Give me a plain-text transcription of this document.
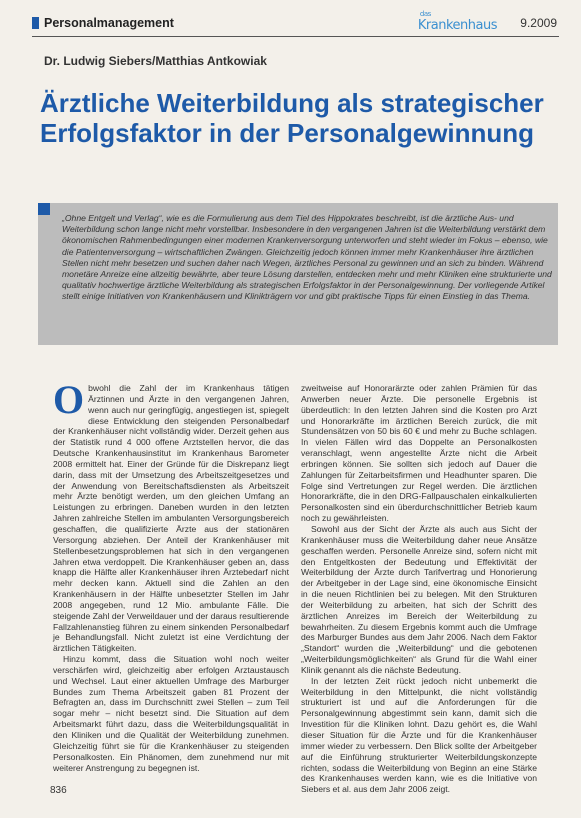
Personalmanagement
das
Krankenhaus 9.2009
Dr. Ludwig Siebers/Matthias Antkowiak
Ärztliche Weiterbildung als strategischer Erfolgsfaktor in der Personalgewinnung

„Ohne Entgelt und Verlag“, wie es die Formulierung aus dem Tiel des Hippokrates beschreibt, ist die ärztliche Aus- und Weiterbildung schon lange nicht mehr vorstellbar. Insbesondere in den vergangenen Jahren ist die Weiterbildung verstärkt dem ökonomischen Rahmenbedingungen einer modernen Krankenversorgung unterworfen und steht wieder im Fokus – ebenso, wie die Patientenversorgung – wirtschaftlichen Zwängen. Gleichzeitig jedoch können immer mehr Krankenhäuser ihre ärztlichen Stellen nicht mehr besetzen und suchen daher nach Wegen, ärztliches Personal zu gewinnen und an sich zu binden. Während monetäre Anreize eine allzeitig bewährte, aber teure Lösung darstellen, entdecken mehr und mehr Kliniken eine strukturierte und qualitativ hochwertige ärztliche Weiterbildung als strategischen Erfolgsfaktor in der Personalgewinnung. Der vorliegende Artikel stellt einige Initiativen von Krankenhäusern und Klinikträgern vor und gibt praktische Tipps für einen Einstieg in das Thema.

Obwohl die Zahl der im Krankenhaus tätigen Ärztinnen und Ärzte in den vergangenen Jahren, wenn auch nur geringfügig, angestiegen ist, spiegelt diese Entwicklung den steigenden Personalbedarf der Krankenhäuser nicht vollständig wider. Derzeit gehen aus der Statistik rund 4 000 offene Arztstellen hervor, die das Deutsche Krankenhausinstitut im Krankenhaus Barometer 2008 ermittelt hat. Einer der Gründe für die Diskrepanz liegt darin, dass mit der Umsetzung des Arbeitszeitgesetzes und der Anwendung von Bereitschaftsdiensten als Arbeitszeit mehr Ärzte benötigt werden, um den gleichen Umfang an Leistungen zu erbringen. Daneben wurden in den letzten Jahren zahlreiche Stellen im ambulanten Versorgungsbereich geschaffen, die qualifizierte Ärzte aus der stationären Versorgung abziehen. Der Anteil der Krankenhäuser mit Stellenbesetzungsproblemen hat sich in den vergangenen Jahren etwa verdoppelt. Die Krankenhäuser geben an, dass knapp die Hälfte aller Krankenhäuser ihren Ärztebedarf nicht mehr decken kann. Aktuell sind die Zahlen an den Krankenhäusern in der Hälfte unbesetzter Stellen im Jahr 2008 angegeben, rund 12 Mio. ambulante Fälle. Die steigende Zahl der Verweildauer und der daraus resultierende Fallzahlenanstieg führen zu einem sinkenden Personalbedarf je Behandlungsfall. Nicht zuletzt ist eine Verdichtung der ärztlichen Tätigkeiten.

Hinzu kommt, dass die Situation wohl noch weiter verschärfen wird, gleichzeitig aber erfolgen Arztaustausch und Wechsel. Laut einer aktuellen Umfrage des Marburger Bundes zum Thema Arbeitszeit gaben 81 Prozent der Befragten an, dass im Durchschnitt zwei Stellen – zum Teil sogar mehr – nicht besetzt sind. Die Situation auf dem Arbeitsmarkt führt dazu, dass die Weiterbildungsqualität in den Kliniken und die Qualität der Weiterbildung zunehmen. Gleichzeitig führt sie für die Krankenhäuser zu steigenden Personalkosten. Ein Phänomen, dem zunehmend nur mit weiterer Anstrengung zu begegnen ist.

zweitweise auf Honorarärzte oder zahlen Prämien für das Anwerben neuer Ärzte. Die personelle Ergebnis ist überdeutlich: In den letzten Jahren sind die Kosten pro Arzt und Honorarkräfte im ärztlichen Bereich zurück, die mit Stundensätzen von 50 bis 60 € und mehr zu Buche schlagen. In vielen Fällen wird das Doppelte an Personalkosten veranschlagt, wenn angestellte Ärzte nicht die Arbeit erbringen können. Sie sollten sich jedoch auf Dauer die Zahlungen für Zeitarbeitsfirmen und Headhunter sparen. Die Folge sind Vertretungen zur Regel werden. Die ärztlichen Honorarkräfte, die in den DRG-Fallpauschalen einkalkulierten Personalkosten sind ein überdurchschnittlicher Betrieb kaum noch zu gewährleisten.

Sowohl aus der Sicht der Ärzte als auch aus Sicht der Krankenhäuser muss die Weiterbildung daher neue Ansätze geschaffen werden. Personelle Anreize sind, sofern nicht mit den Entgeltkosten der Bedeutung und Effektivität der Weiterbildung der Ärzte durch Tarifvertrag und Honorierung der Arbeitgeber in der Lage sind, eine ökonomische Einsicht in die neuen Richtlinien bei zu belegen. Mit den Strukturen der Weiterbildung zu arbeiten, hat sich der Schritt des ärztlichen Anreizes im Bereich der Weiterbildung zu bewahrheiten. Zu diesem Ergebnis kommt auch die Umfrage des Marburger Bundes aus dem Jahr 2006. Nach dem Faktor „Standort“ wurden die „Weiterbildung“ und die gebotenen „Weiterbildungsmöglichkeiten“ als Grund für die Wahl einer Klinik genannt als die nächste Bedeutung.

In der letzten Zeit rückt jedoch nicht unbemerkt die Weiterbildung in den Mittelpunkt, die nicht vollständig strukturiert ist und auf die Anforderungen für die Personalgewinnung abgestimmt sein kann, damit sich die Investition für die Kliniken lohnt. Dazu gehört es, die Wahl dieser Situation für die Ärzte und für die Krankenhäuser immer wieder zu verbessern. Den Blick sollte der Arbeitgeber auf die Einführung strukturierter Weiterbildungskonzepte richten, sodass die Weiterbildung von Beginn an eine Stärke des Krankenhauses werden kann, wie es die Initiative von Siebers et al. aus dem Jahr 2006 zeigt.

836
